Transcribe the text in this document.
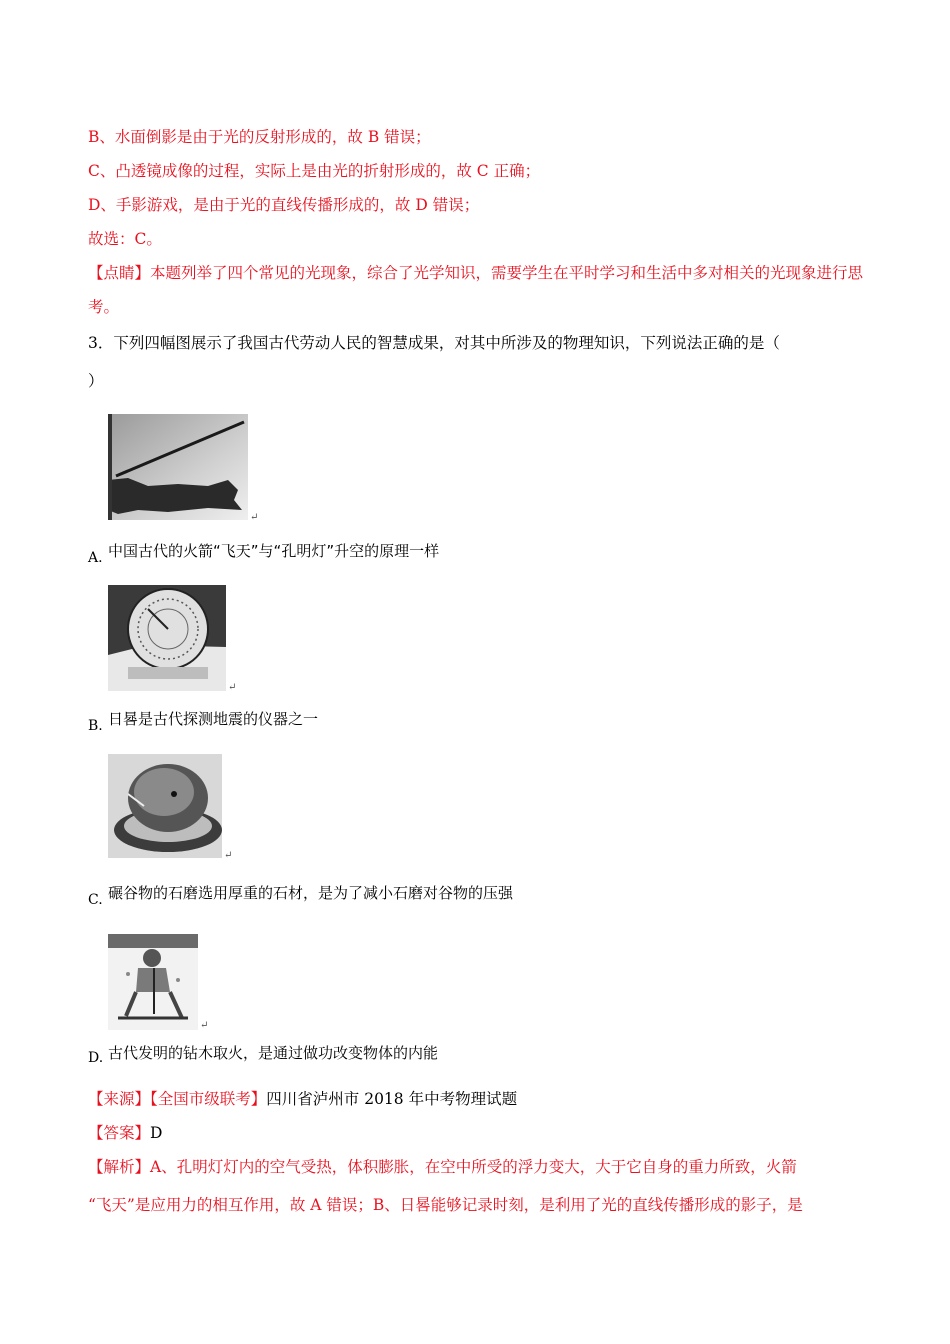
B、水面倒影是由于光的反射形成的，故 B 错误；
C、凸透镜成像的过程，实际上是由光的折射形成的，故 C 正确；
D、手影游戏，是由于光的直线传播形成的，故 D 错误；
故选：C。
【点睛】本题列举了四个常见的光现象，综合了光学知识，需要学生在平时学习和生活中多对相关的光现象进行思考。
3．下列四幅图展示了我国古代劳动人民的智慧成果，对其中所涉及的物理知识，下列说法正确的是（
）
↵
A. 中国古代的火箭“飞天”与“孔明灯”升空的原理一样
↵
B. 日晷是古代探测地震的仪器之一
↵
C. 碾谷物的石磨选用厚重的石材，是为了减小石磨对谷物的压强
↵
D. 古代发明的钻木取火，是通过做功改变物体的内能
【来源】【全国市级联考】四川省泸州市 2018 年中考物理试题
【答案】D
【解析】A、孔明灯灯内的空气受热，体积膨胀，在空中所受的浮力变大，大于它自身的重力所致，火箭
“飞天”是应用力的相互作用，故 A 错误；B、日晷能够记录时刻，是利用了光的直线传播形成的影子，是
